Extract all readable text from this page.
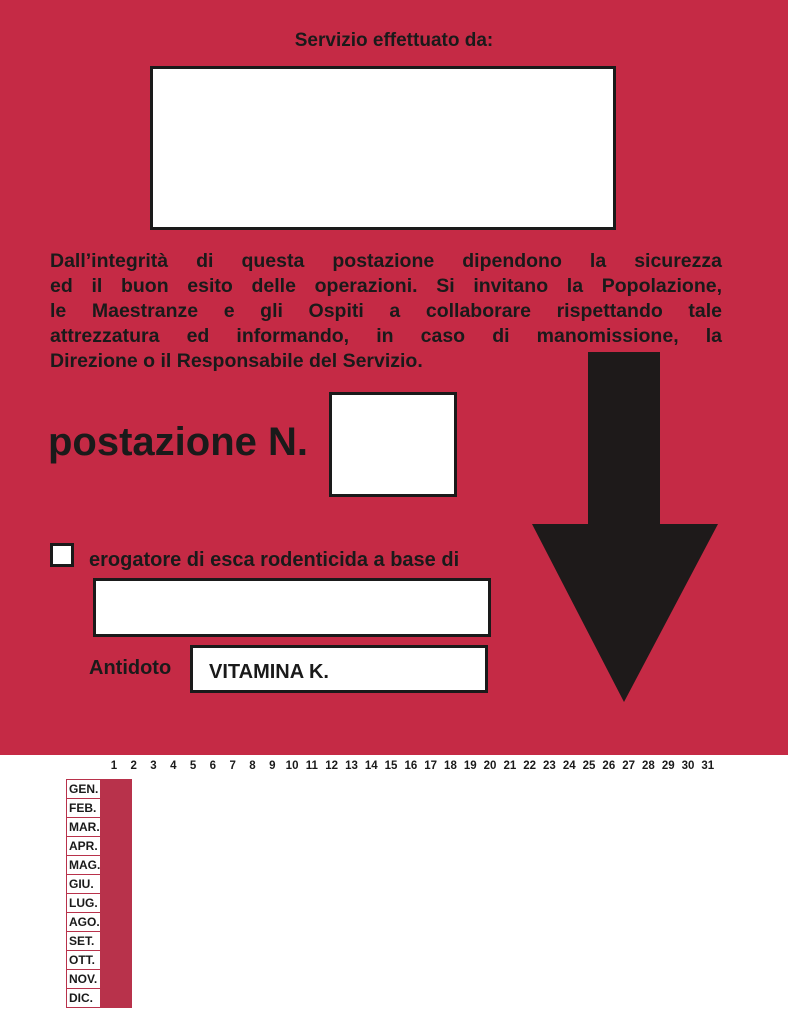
Servizio effettuato da:
Dall’integrità di questa postazione dipendono la sicurezza
ed il buon esito delle operazioni. Si invitano la Popolazione,
le Maestranze e gli Ospiti a collaborare rispettando tale
attrezzatura ed informando, in caso di manomissione, la
Direzione o il Responsabile del Servizio.
postazione N.
erogatore di esca rodenticida a base di
Antidoto VITAMINA K.
1	2	3	4	5	6	7	8	9 10 11 12 13 14 15 16 17 18 19 20 21 22 23 24 25 26 27 28 29 30 31
GEN.																															
FEB.																															
MAR.																															
APR.																															
MAG.																															
GIU.																															
LUG.																															
AGO.																															
SET.																															
OTT.																															
NOV.																															
DIC.																															
